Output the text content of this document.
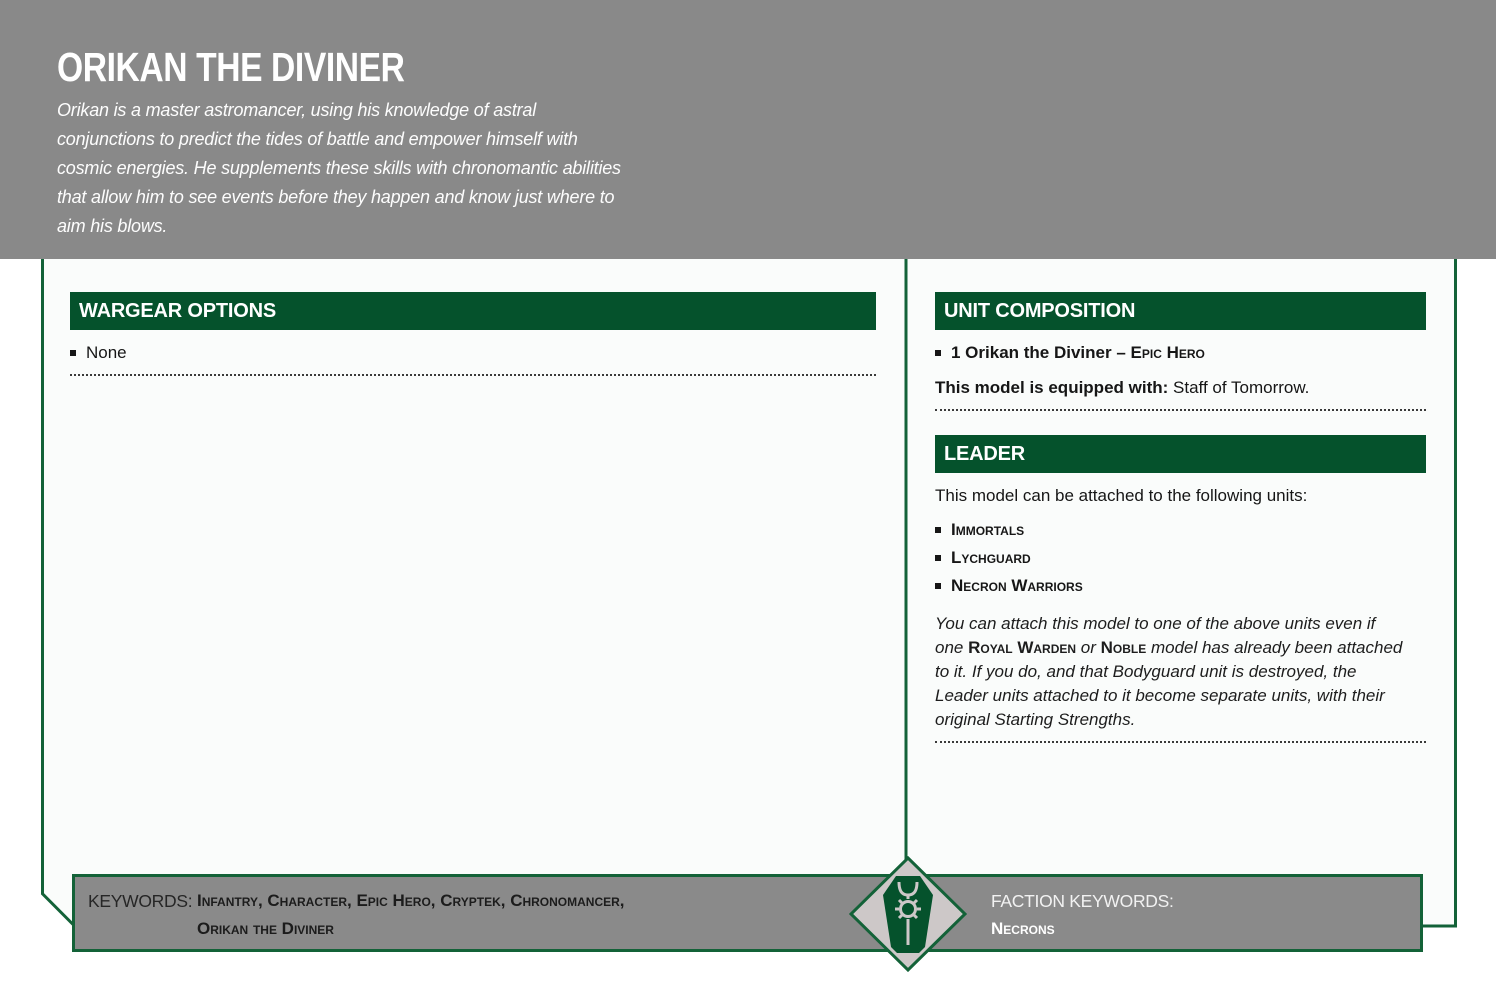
ORIKAN THE DIVINER

Orikan is a master astromancer, using his knowledge of astral conjunctions to predict the tides of battle and empower himself with cosmic energies. He supplements these skills with chronomantic abilities that allow him to see events before they happen and know just where to aim his blows.

WARGEAR OPTIONS
None
UNIT COMPOSITION
1 Orikan the Diviner – Epic Hero

This model is equipped with: Staff of Tomorrow.

LEADER

This model can be attached to the following units:

Immortals
Lychguard
Necron Warriors

You can attach this model to one of the above units even if one Royal Warden or Noble model has already been attached to it. If you do, and that Bodyguard unit is destroyed, the Leader units attached to it become separate units, with their original Starting Strengths.

KEYWORDS: Infantry, Character, Epic Hero, Cryptek, Chronomancer,
Orikan the Diviner
FACTION KEYWORDS:
Necrons
